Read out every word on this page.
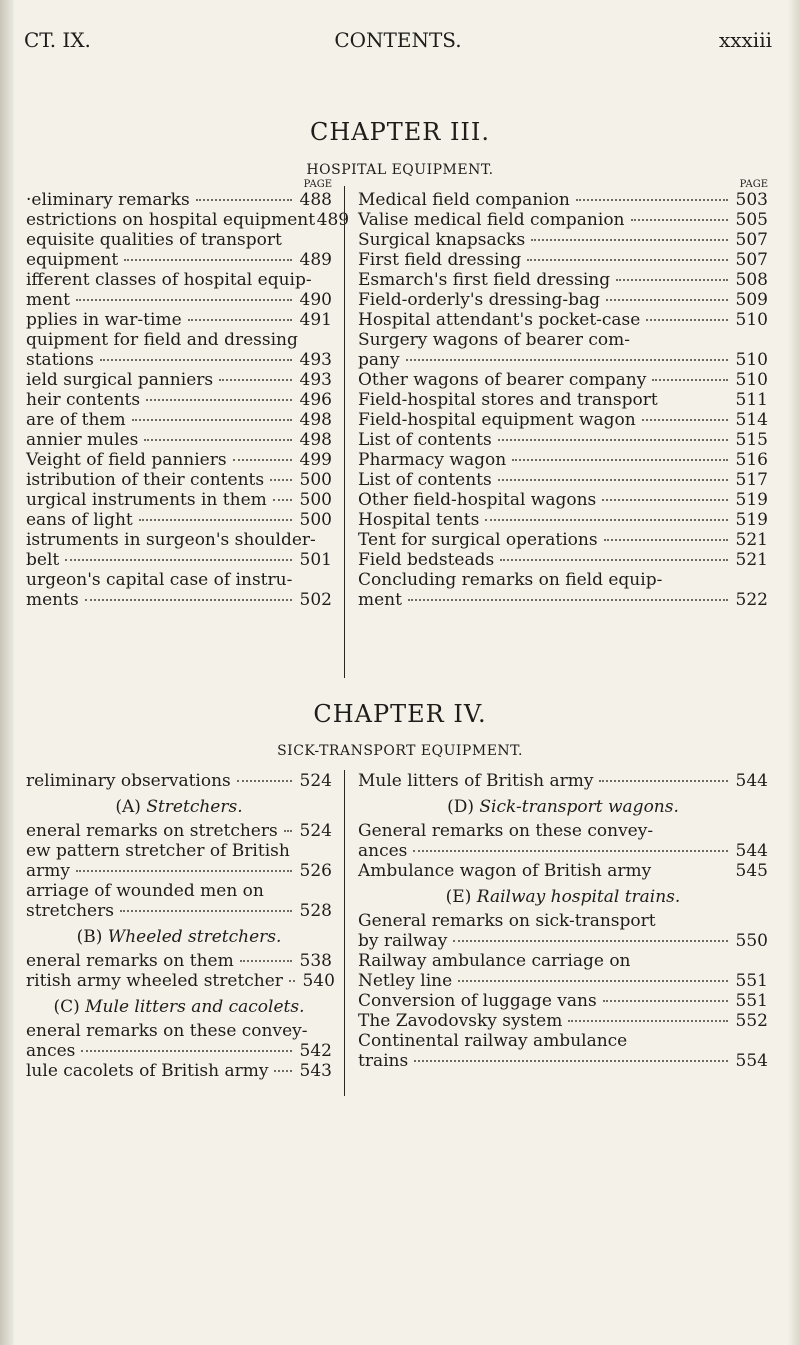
CT. IX.	CONTENTS.	xxxiii
CHAPTER III.
HOSPITAL EQUIPMENT.
PAGE
·eliminary remarks	488
estrictions on hospital equipment 489
equisite qualities of transport
equipment	489
ifferent classes of hospital equip-
ment	490
pplies in war-time	491
quipment for field and dressing
stations	493
ield surgical panniers	493
heir contents	496
are of them	498
annier mules	498
Veight of field panniers	499
istribution of their contents 500
urgical instruments in them 500
eans of light	500
istruments in surgeon's shoulder-
belt	501
urgeon's capital case of instru-
ments	502
PAGE
Medical field companion	503
Valise medical field companion	505
Surgical knapsacks	507
First field dressing	507
Esmarch's first field dressing	508
Field-orderly's dressing-bag	509
Hospital attendant's pocket-case	510
Surgery wagons of bearer com-
pany	510
Other wagons of bearer company	510
Field-hospital stores and transport	511
Field-hospital equipment wagon	514
List of contents	515
Pharmacy wagon	516
List of contents	517
Other field-hospital wagons	519
Hospital tents	519
Tent for surgical operations	521
Field bedsteads	521
Concluding remarks on field equip-
ment	522
CHAPTER IV.
SICK-TRANSPORT EQUIPMENT.
reliminary observations	524
(A) Stretchers.
eneral remarks on stretchers 524
ew pattern stretcher of British
army	526
arriage of wounded men on
stretchers	528
(B) Wheeled stretchers.
eneral remarks on them	538
ritish army wheeled stretcher 540
(C) Mule litters and cacolets.
eneral remarks on these convey-
ances	542
lule cacolets of British army 543
Mule litters of British army	544
(D) Sick-transport wagons.
General remarks on these convey-
ances	544
Ambulance wagon of British army	545
(E) Railway hospital trains.
General remarks on sick-transport
by railway	550
Railway ambulance carriage on
Netley line	551
Conversion of luggage vans	551
The Zavodovsky system	552
Continental railway ambulance
trains	554
